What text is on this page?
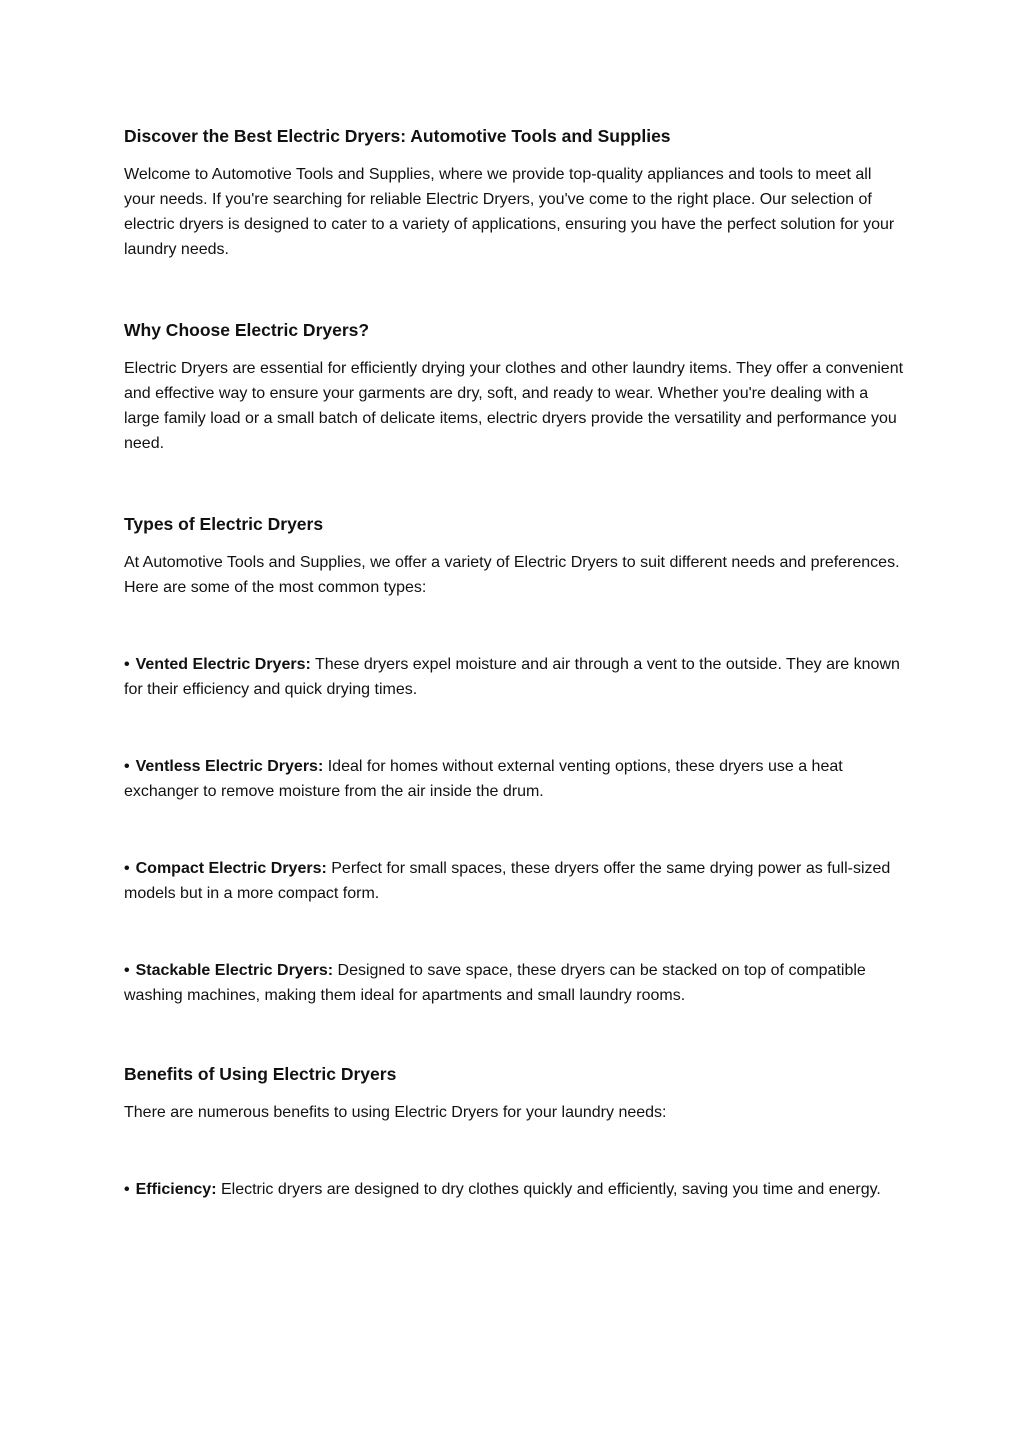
Discover the Best Electric Dryers: Automotive Tools and Supplies

Welcome to Automotive Tools and Supplies, where we provide top-quality appliances and tools to meet all your needs. If you're searching for reliable Electric Dryers, you've come to the right place. Our selection of electric dryers is designed to cater to a variety of applications, ensuring you have the perfect solution for your laundry needs.

Why Choose Electric Dryers?

Electric Dryers are essential for efficiently drying your clothes and other laundry items. They offer a convenient and effective way to ensure your garments are dry, soft, and ready to wear. Whether you're dealing with a large family load or a small batch of delicate items, electric dryers provide the versatility and performance you need.

Types of Electric Dryers

At Automotive Tools and Supplies, we offer a variety of Electric Dryers to suit different needs and preferences. Here are some of the most common types:

• Vented Electric Dryers: These dryers expel moisture and air through a vent to the outside. They are known for their efficiency and quick drying times.
• Ventless Electric Dryers: Ideal for homes without external venting options, these dryers use a heat exchanger to remove moisture from the air inside the drum.
• Compact Electric Dryers: Perfect for small spaces, these dryers offer the same drying power as full-sized models but in a more compact form.
• Stackable Electric Dryers: Designed to save space, these dryers can be stacked on top of compatible washing machines, making them ideal for apartments and small laundry rooms.
Benefits of Using Electric Dryers

There are numerous benefits to using Electric Dryers for your laundry needs:

• Efficiency: Electric dryers are designed to dry clothes quickly and efficiently, saving you time and energy.
